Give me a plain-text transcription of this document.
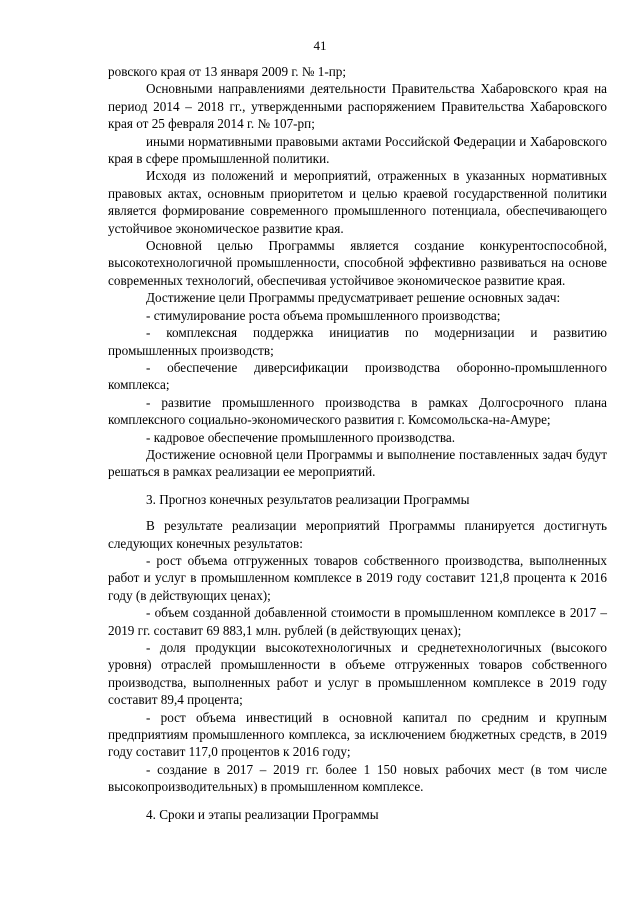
41

ровского края от 13 января 2009 г. № 1-пр;

Основными направлениями деятельности Правительства Хабаровского края на период 2014 – 2018 гг., утвержденными распоряжением Правительства Хабаровского края от 25 февраля 2014 г. № 107-рп;

иными нормативными правовыми актами Российской Федерации и Хабаровского края в сфере промышленной политики.

Исходя из положений и мероприятий, отраженных в указанных нормативных правовых актах, основным приоритетом и целью краевой государственной политики является формирование современного промышленного потенциала, обеспечивающего устойчивое экономическое развитие края.

Основной целью Программы является создание конкурентоспособной, высокотехнологичной промышленности, способной эффективно развиваться на основе современных технологий, обеспечивая устойчивое экономическое развитие края.

Достижение цели Программы предусматривает решение основных задач:

- стимулирование роста объема промышленного производства;

- комплексная поддержка инициатив по модернизации и развитию промышленных производств;

- обеспечение диверсификации производства оборонно-промышленного комплекса;

- развитие промышленного производства в рамках Долгосрочного плана комплексного социально-экономического развития г. Комсомольска-на-Амуре;

- кадровое обеспечение промышленного производства.

Достижение основной цели Программы и выполнение поставленных задач будут решаться в рамках реализации ее мероприятий.

3. Прогноз конечных результатов реализации Программы

В результате реализации мероприятий Программы планируется достигнуть следующих конечных результатов:

- рост объема отгруженных товаров собственного производства, выполненных работ и услуг в промышленном комплексе в 2019 году составит 121,8 процента к 2016 году (в действующих ценах);

- объем созданной добавленной стоимости в промышленном комплексе в 2017 – 2019 гг. составит 69 883,1 млн. рублей (в действующих ценах);

- доля продукции высокотехнологичных и среднетехнологичных (высокого уровня) отраслей промышленности в объеме отгруженных товаров собственного производства, выполненных работ и услуг в промышленном комплексе в 2019 году составит 89,4 процента;

- рост объема инвестиций в основной капитал по средним и крупным предприятиям промышленного комплекса, за исключением бюджетных средств, в 2019 году составит 117,0 процентов к 2016 году;

- создание в 2017 – 2019 гг. более 1 150 новых рабочих мест (в том числе высокопроизводительных) в промышленном комплексе.

4. Сроки и этапы реализации Программы
